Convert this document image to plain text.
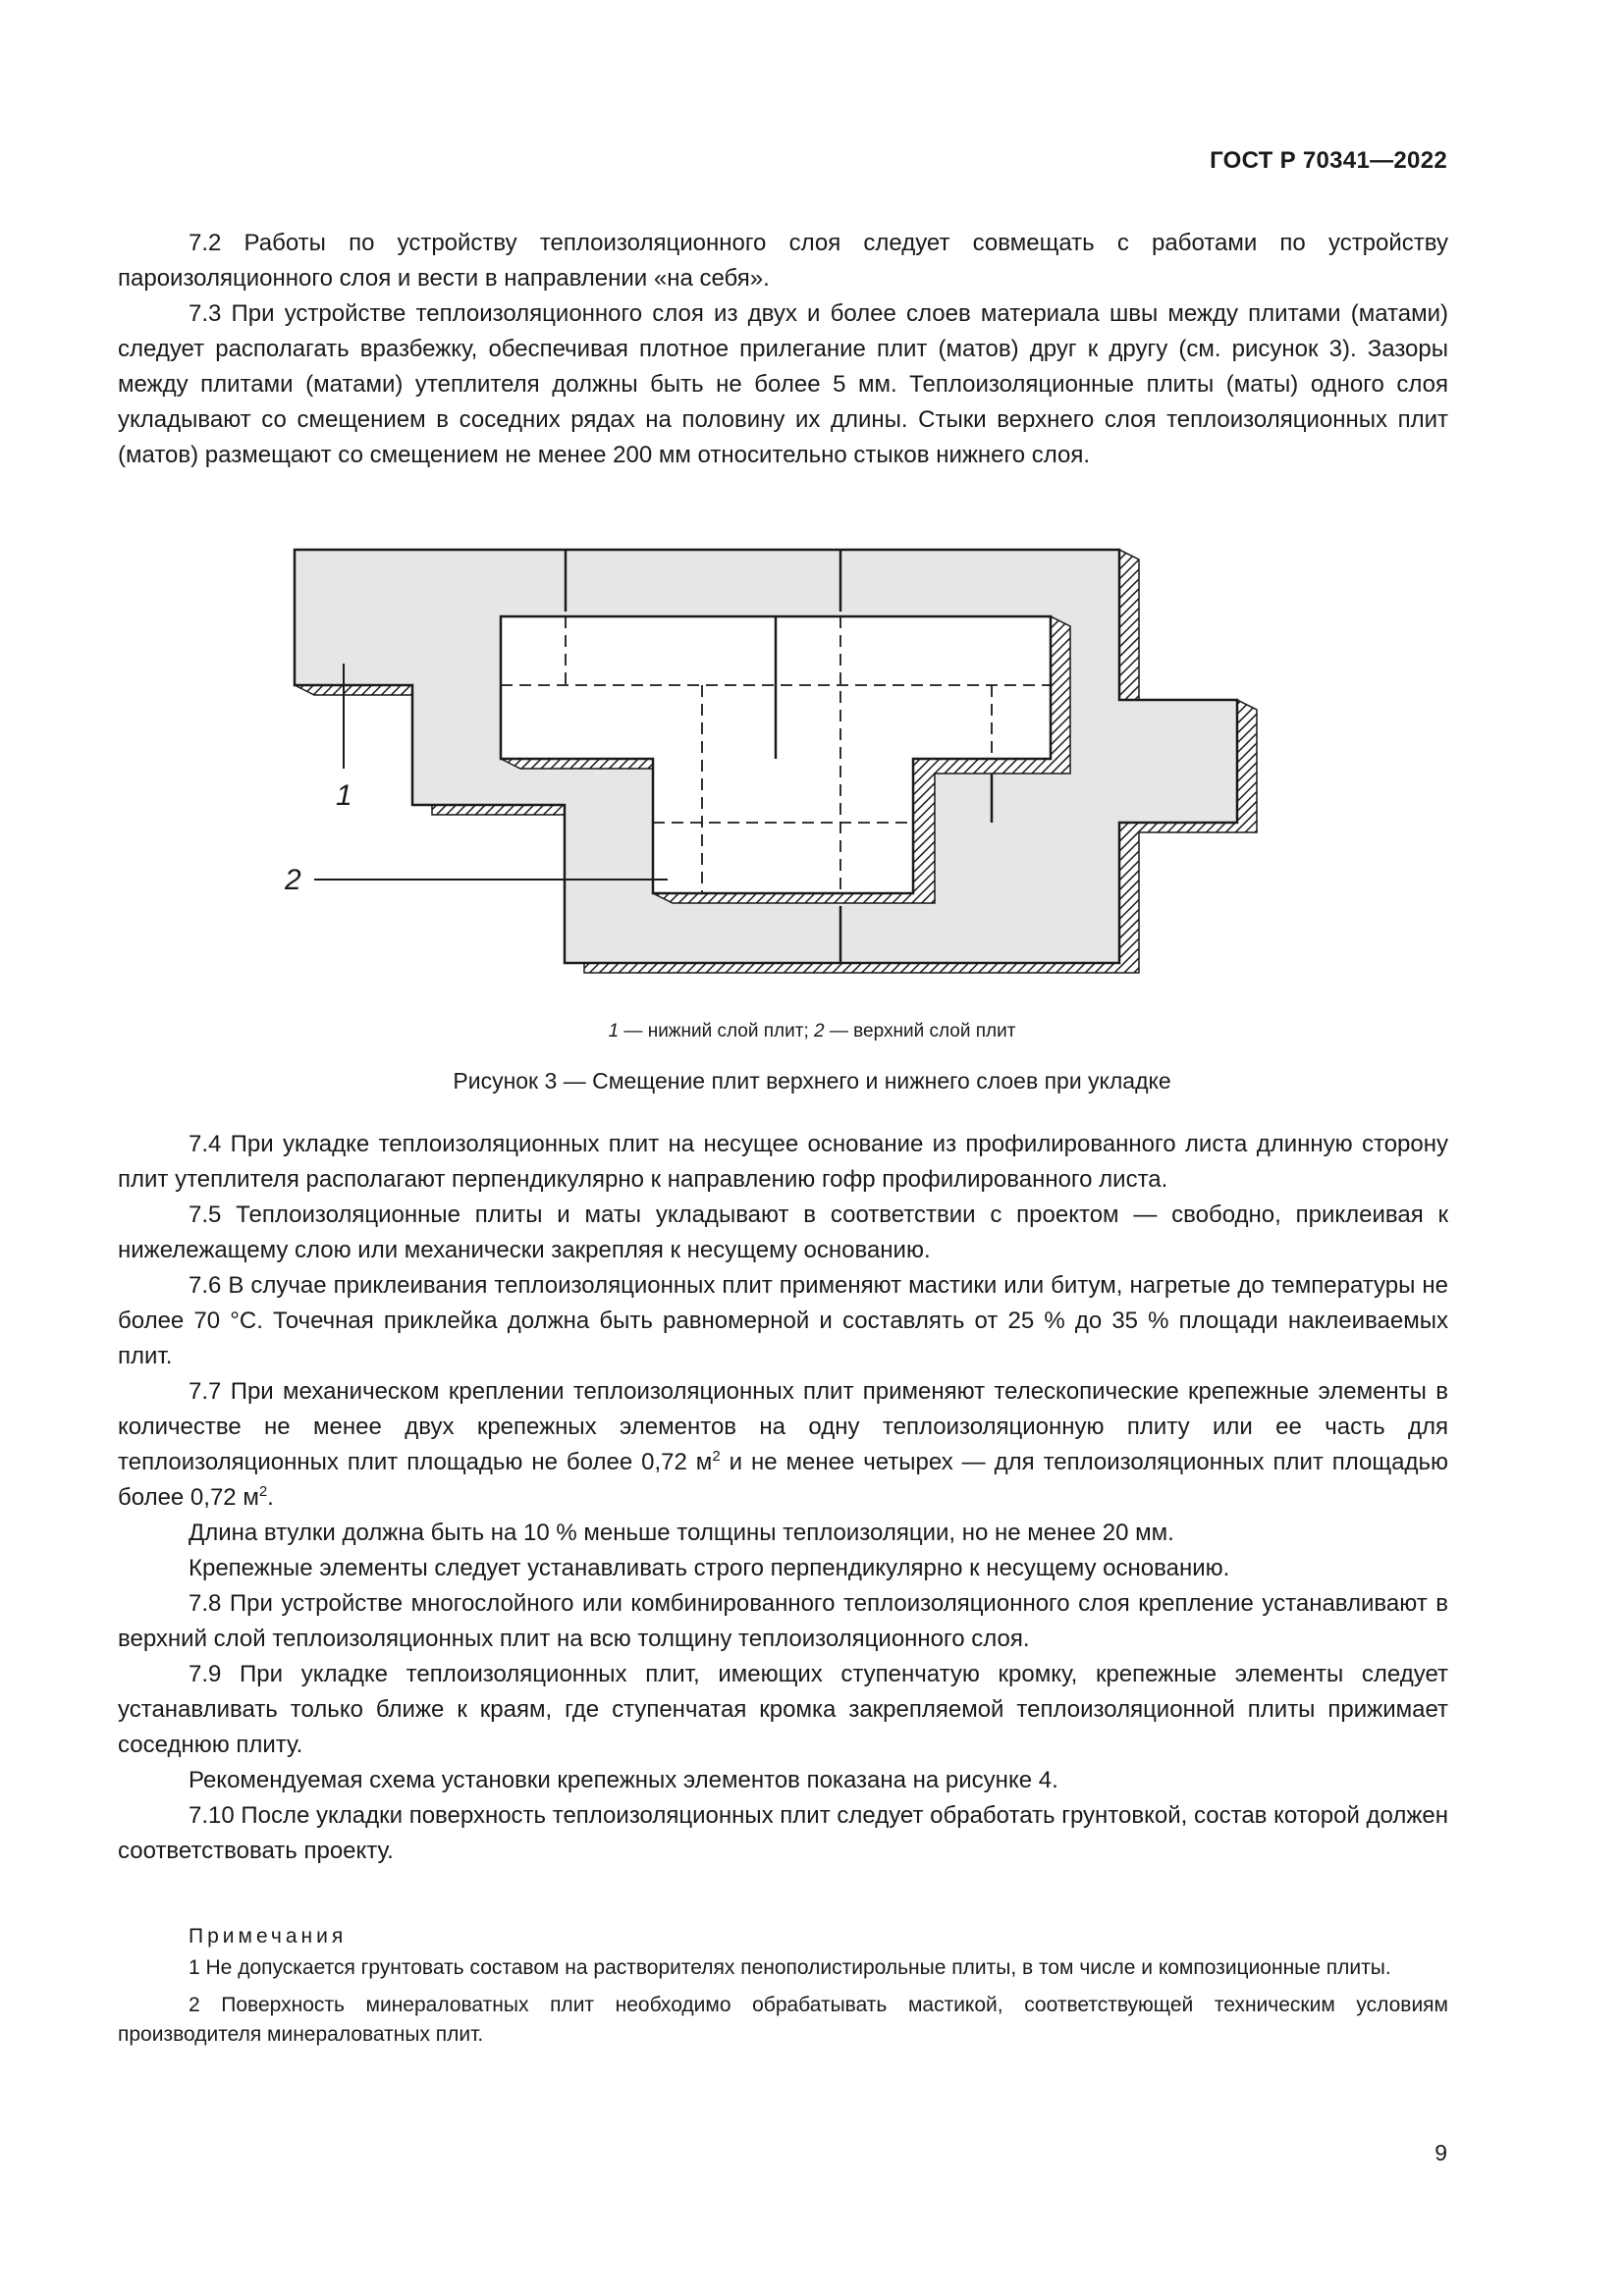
ГОСТ Р 70341—2022

7.2 Работы по устройству теплоизоляционного слоя следует совмещать с работами по устройству пароизоляционного слоя и вести в направлении «на себя».

7.3 При устройстве теплоизоляционного слоя из двух и более слоев материала швы между плитами (матами) следует располагать вразбежку, обеспечивая плотное прилегание плит (матов) друг к другу (см. рисунок 3). Зазоры между плитами (матами) утеплителя должны быть не более 5 мм. Теплоизоляционные плиты (маты) одного слоя укладывают со смещением в соседних рядах на половину их длины. Стыки верхнего слоя теплоизоляционных плит (матов) размещают со смещением не менее 200 мм относительно стыков нижнего слоя.

1
2
1 — нижний слой плит; 2 — верхний слой плит
Рисунок 3 — Смещение плит верхнего и нижнего слоев при укладке

7.4 При укладке теплоизоляционных плит на несущее основание из профилированного листа длинную сторону плит утеплителя располагают перпендикулярно к направлению гофр профилированного листа.

7.5 Теплоизоляционные плиты и маты укладывают в соответствии с проектом — свободно, приклеивая к нижележащему слою или механически закрепляя к несущему основанию.

7.6 В случае приклеивания теплоизоляционных плит применяют мастики или битум, нагретые до температуры не более 70 °С. Точечная приклейка должна быть равномерной и составлять от 25 % до 35 % площади наклеиваемых плит.

7.7 При механическом креплении теплоизоляционных плит применяют телескопические крепежные элементы в количестве не менее двух крепежных элементов на одну теплоизоляционную плиту или ее часть для теплоизоляционных плит площадью не более 0,72 $м^2$ и не менее четырех — для теплоизоляционных плит площадью более 0,72 $м^2$.

Длина втулки должна быть на 10 % меньше толщины теплоизоляции, но не менее 20 мм.

Крепежные элементы следует устанавливать строго перпендикулярно к несущему основанию.

7.8 При устройстве многослойного или комбинированного теплоизоляционного слоя крепление устанавливают в верхний слой теплоизоляционных плит на всю толщину теплоизоляционного слоя.

7.9 При укладке теплоизоляционных плит, имеющих ступенчатую кромку, крепежные элементы следует устанавливать только ближе к краям, где ступенчатая кромка закрепляемой теплоизоляционной плиты прижимает соседнюю плиту.

Рекомендуемая схема установки крепежных элементов показана на рисунке 4.

7.10 После укладки поверхность теплоизоляционных плит следует обработать грунтовкой, состав которой должен соответствовать проекту.

Примечания

1 Не допускается грунтовать составом на растворителях пенополистирольные плиты, в том числе и композиционные плиты.

2 Поверхность минераловатных плит необходимо обрабатывать мастикой, соответствующей техническим условиям производителя минераловатных плит.

9
